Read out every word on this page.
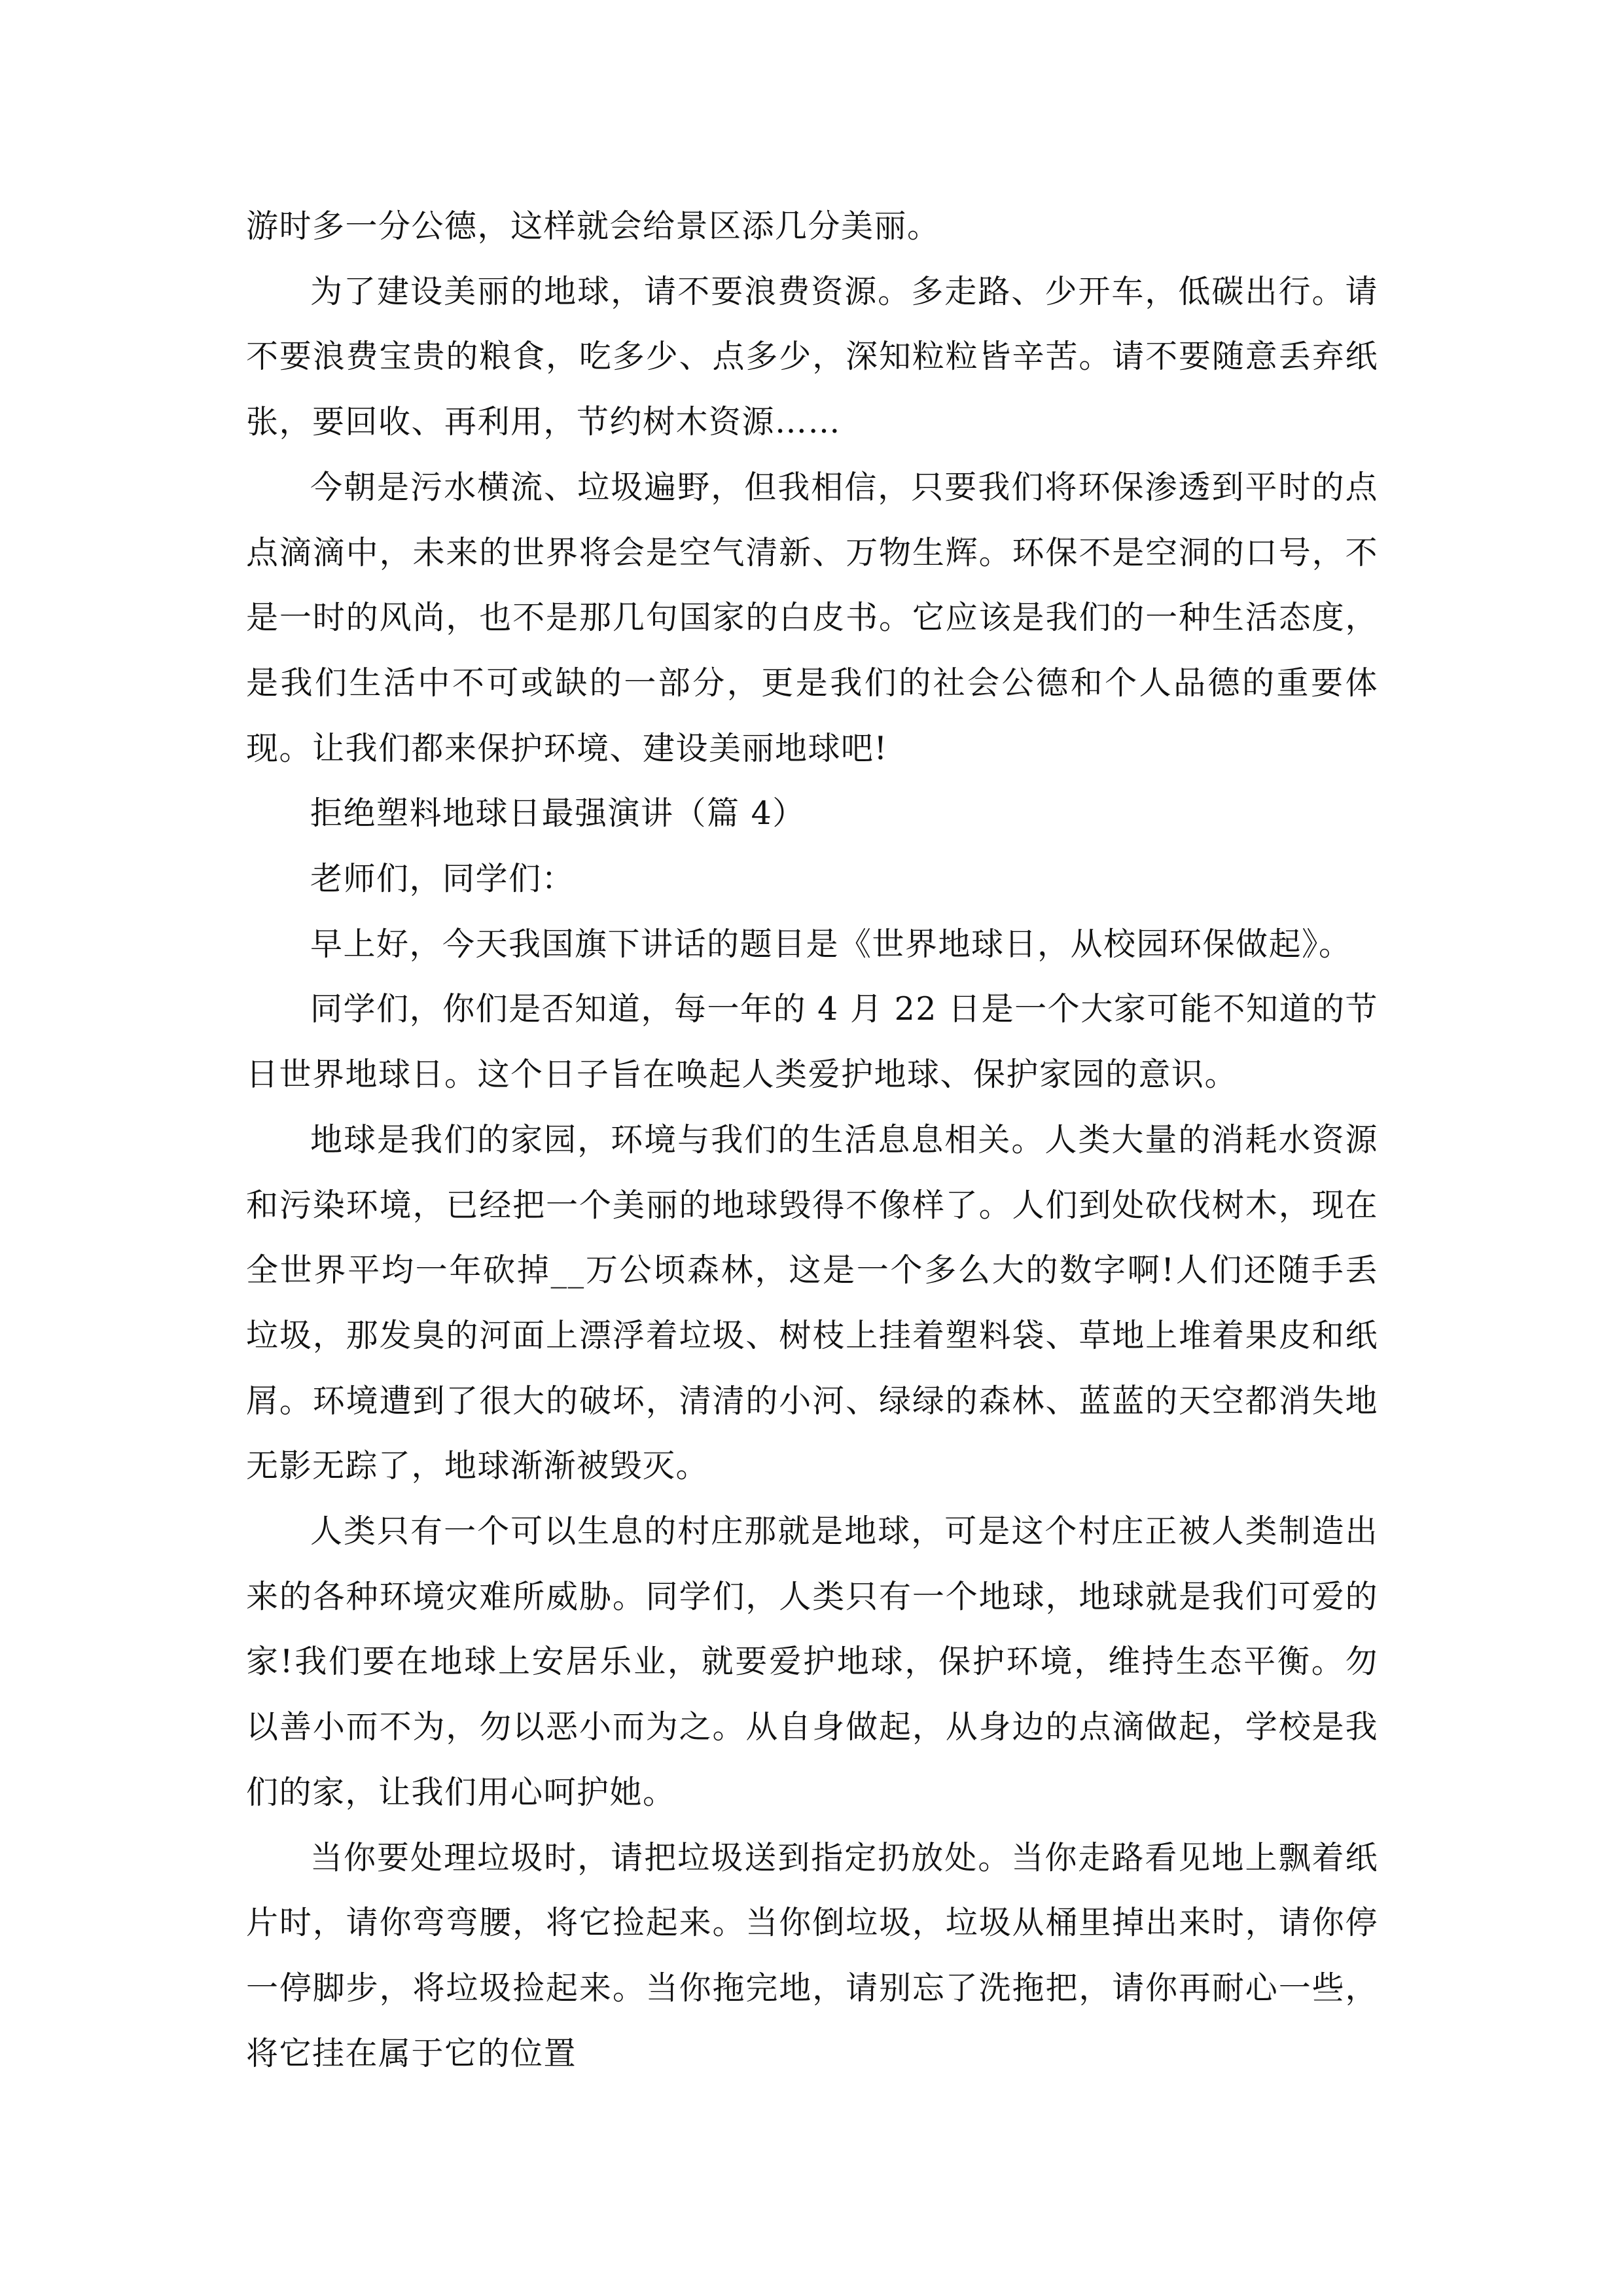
游时多一分公德，这样就会给景区添几分美丽。

为了建设美丽的地球，请不要浪费资源。多走路、少开车，低碳出行。请不要浪费宝贵的粮食，吃多少、点多少，深知粒粒皆辛苦。请不要随意丢弃纸张，要回收、再利用，节约树木资源……

今朝是污水横流、垃圾遍野，但我相信，只要我们将环保渗透到平时的点点滴滴中，未来的世界将会是空气清新、万物生辉。环保不是空洞的口号，不是一时的风尚，也不是那几句国家的白皮书。它应该是我们的一种生活态度，是我们生活中不可或缺的一部分，更是我们的社会公德和个人品德的重要体现。让我们都来保护环境、建设美丽地球吧!

拒绝塑料地球日最强演讲（篇 4）

老师们，同学们：

早上好，今天我国旗下讲话的题目是《世界地球日，从校园环保做起》。

同学们，你们是否知道，每一年的 4 月 22 日是一个大家可能不知道的节日世界地球日。这个日子旨在唤起人类爱护地球、保护家园的意识。

地球是我们的家园，环境与我们的生活息息相关。人类大量的消耗水资源和污染环境，已经把一个美丽的地球毁得不像样了。人们到处砍伐树木，现在全世界平均一年砍掉__万公顷森林，这是一个多么大的数字啊!人们还随手丢垃圾，那发臭的河面上漂浮着垃圾、树枝上挂着塑料袋、草地上堆着果皮和纸屑。环境遭到了很大的破坏，清清的小河、绿绿的森林、蓝蓝的天空都消失地无影无踪了，地球渐渐被毁灭。

人类只有一个可以生息的村庄那就是地球，可是这个村庄正被人类制造出来的各种环境灾难所威胁。同学们，人类只有一个地球，地球就是我们可爱的家!我们要在地球上安居乐业，就要爱护地球，保护环境，维持生态平衡。勿以善小而不为，勿以恶小而为之。从自身做起，从身边的点滴做起，学校是我们的家，让我们用心呵护她。

当你要处理垃圾时，请把垃圾送到指定扔放处。当你走路看见地上飘着纸片时，请你弯弯腰，将它捡起来。当你倒垃圾，垃圾从桶里掉出来时，请你停一停脚步，将垃圾捡起来。当你拖完地，请别忘了洗拖把，请你再耐心一些，将它挂在属于它的位置
